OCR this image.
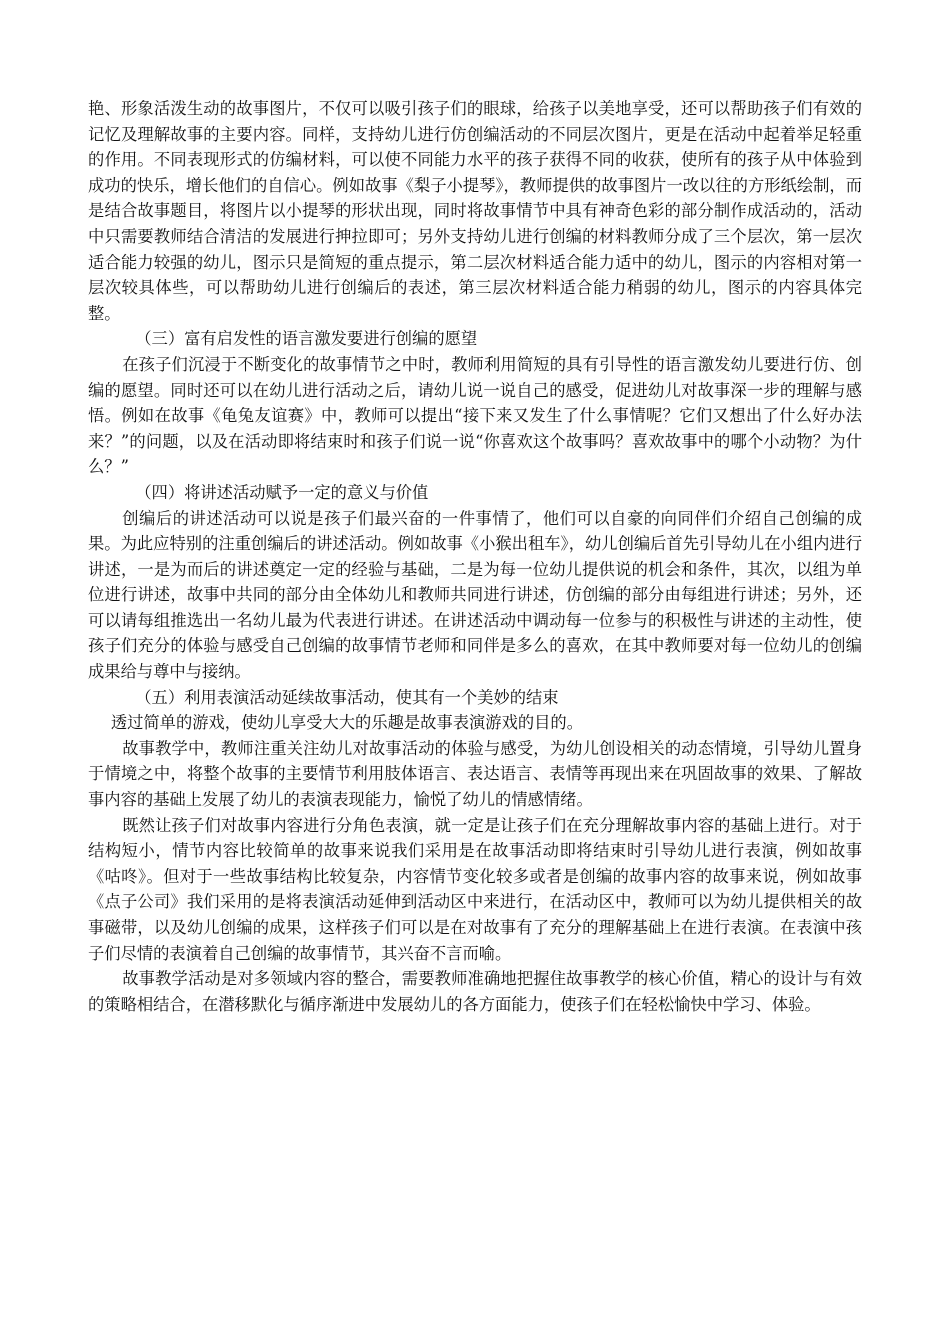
艳、形象活泼生动的故事图片，不仅可以吸引孩子们的眼球，给孩子以美地享受，还可以帮助孩子们有效的记忆及理解故事的主要内容。同样，支持幼儿进行仿创编活动的不同层次图片，更是在活动中起着举足轻重的作用。不同表现形式的仿编材料，可以使不同能力水平的孩子获得不同的收获，使所有的孩子从中体验到成功的快乐，增长他们的自信心。例如故事《梨子小提琴》，教师提供的故事图片一改以往的方形纸绘制，而是结合故事题目，将图片以小提琴的形状出现，同时将故事情节中具有神奇色彩的部分制作成活动的，活动中只需要教师结合清洁的发展进行抻拉即可；另外支持幼儿进行创编的材料教师分成了三个层次，第一层次适合能力较强的幼儿，图示只是简短的重点提示，第二层次材料适合能力适中的幼儿，图示的内容相对第一层次较具体些，可以帮助幼儿进行创编后的表述，第三层次材料适合能力稍弱的幼儿，图示的内容具体完整。

（三）富有启发性的语言激发要进行创编的愿望

在孩子们沉浸于不断变化的故事情节之中时，教师利用简短的具有引导性的语言激发幼儿要进行仿、创编的愿望。同时还可以在幼儿进行活动之后，请幼儿说一说自己的感受，促进幼儿对故事深一步的理解与感悟。例如在故事《龟兔友谊赛》中，教师可以提出“接下来又发生了什么事情呢？它们又想出了什么好办法来？”的问题，以及在活动即将结束时和孩子们说一说“你喜欢这个故事吗？喜欢故事中的哪个小动物？为什么？”

（四）将讲述活动赋予一定的意义与价值

创编后的讲述活动可以说是孩子们最兴奋的一件事情了，他们可以自豪的向同伴们介绍自己创编的成果。为此应特别的注重创编后的讲述活动。例如故事《小猴出租车》，幼儿创编后首先引导幼儿在小组内进行讲述，一是为而后的讲述奠定一定的经验与基础，二是为每一位幼儿提供说的机会和条件，其次，以组为单位进行讲述，故事中共同的部分由全体幼儿和教师共同进行讲述，仿创编的部分由每组进行讲述；另外，还可以请每组推选出一名幼儿最为代表进行讲述。在讲述活动中调动每一位参与的积极性与讲述的主动性，使孩子们充分的体验与感受自己创编的故事情节老师和同伴是多么的喜欢，在其中教师要对每一位幼儿的创编成果给与尊中与接纳。

（五）利用表演活动延续故事活动，使其有一个美妙的结束

透过简单的游戏，使幼儿享受大大的乐趣是故事表演游戏的目的。

故事教学中，教师注重关注幼儿对故事活动的体验与感受，为幼儿创设相关的动态情境，引导幼儿置身于情境之中，将整个故事的主要情节利用肢体语言、表达语言、表情等再现出来在巩固故事的效果、了解故事内容的基础上发展了幼儿的表演表现能力，愉悦了幼儿的情感情绪。

既然让孩子们对故事内容进行分角色表演，就一定是让孩子们在充分理解故事内容的基础上进行。对于结构短小，情节内容比较简单的故事来说我们采用是在故事活动即将结束时引导幼儿进行表演，例如故事《咕咚》。但对于一些故事结构比较复杂，内容情节变化较多或者是创编的故事内容的故事来说，例如故事《点子公司》我们采用的是将表演活动延伸到活动区中来进行，在活动区中，教师可以为幼儿提供相关的故事磁带，以及幼儿创编的成果，这样孩子们可以是在对故事有了充分的理解基础上在进行表演。在表演中孩子们尽情的表演着自己创编的故事情节，其兴奋不言而喻。

故事教学活动是对多领域内容的整合，需要教师准确地把握住故事教学的核心价值，精心的设计与有效的策略相结合，在潜移默化与循序渐进中发展幼儿的各方面能力，使孩子们在轻松愉快中学习、体验。
